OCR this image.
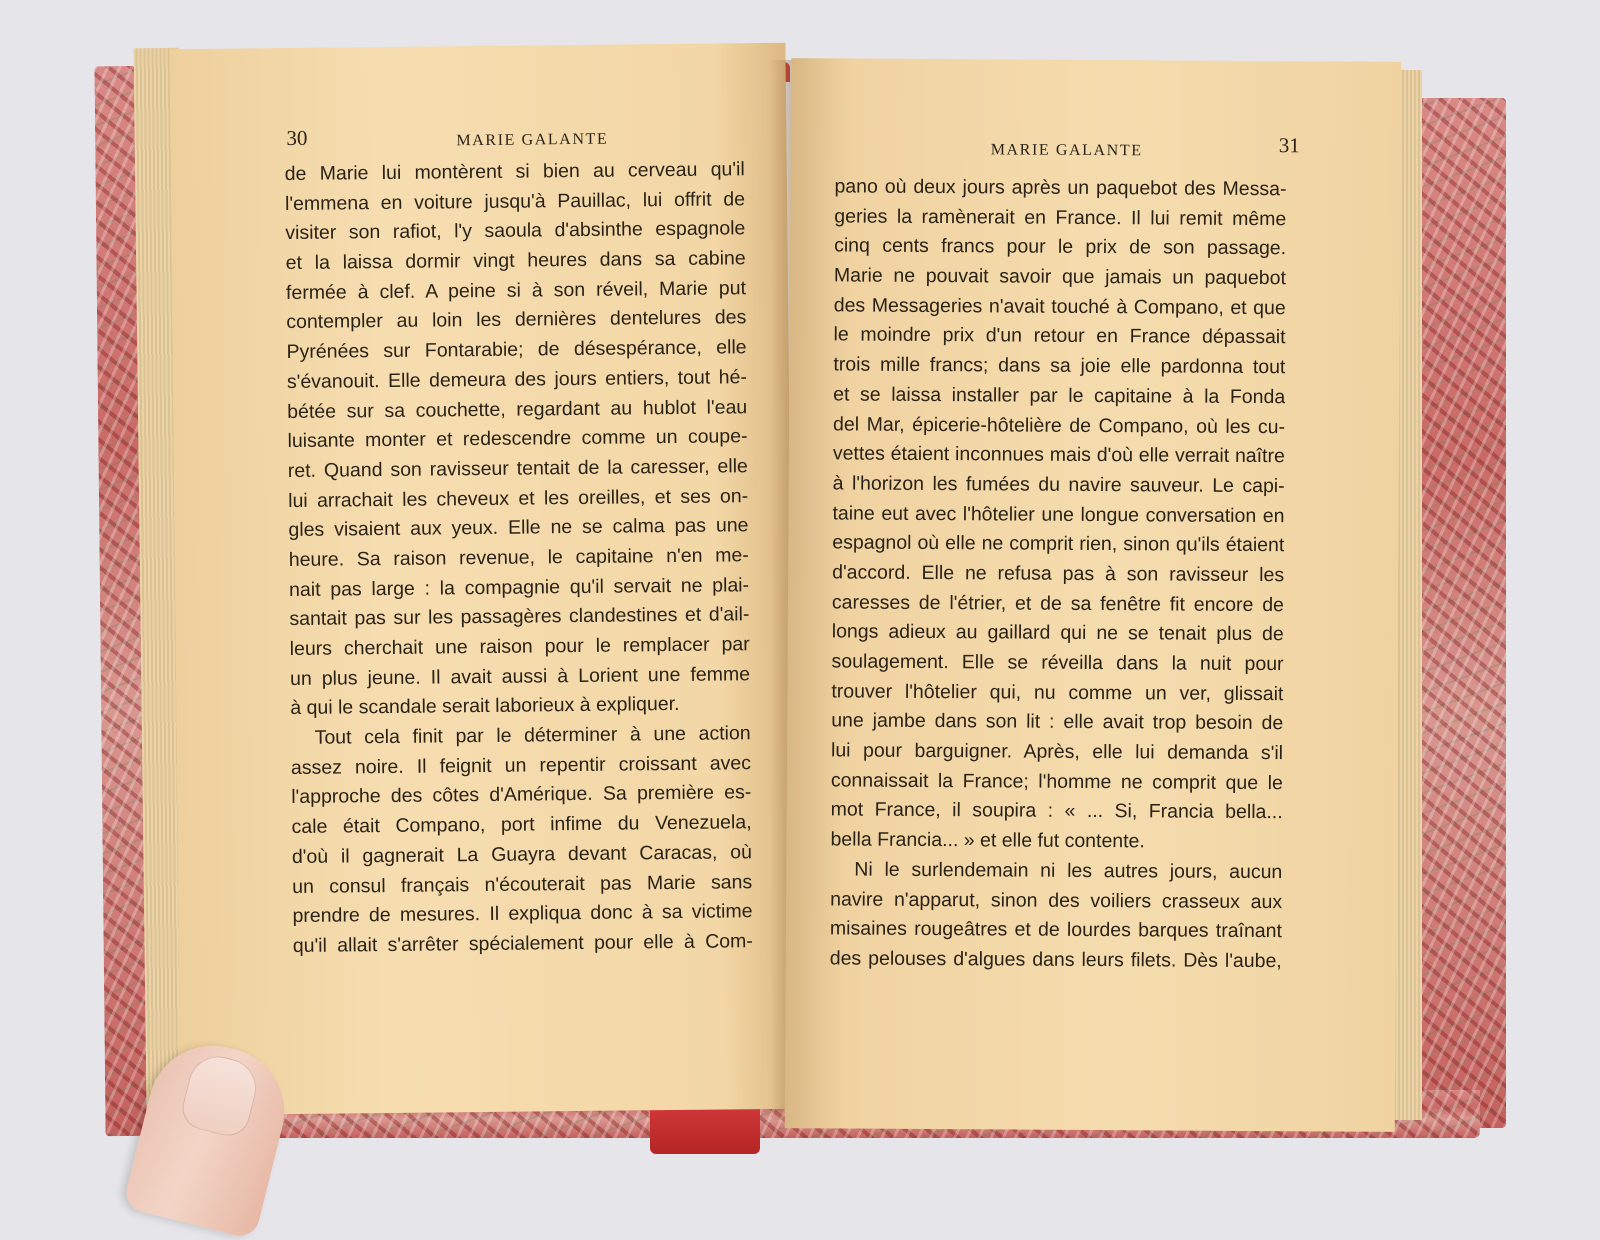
30	MARIE GALANTE
de Marie lui montèrent si bien au cerveau qu'il
l'emmena en voiture jusqu'à Pauillac, lui offrit de
visiter son rafiot, l'y saoula d'absinthe espagnole
et la laissa dormir vingt heures dans sa cabine
fermée à clef. A peine si à son réveil, Marie put
contempler au loin les dernières dentelures des
Pyrénées sur Fontarabie; de désespérance, elle
s'évanouit. Elle demeura des jours entiers, tout hé-
bétée sur sa couchette, regardant au hublot l'eau
luisante monter et redescendre comme un coupe-
ret. Quand son ravisseur tentait de la caresser, elle
lui arrachait les cheveux et les oreilles, et ses on-
gles visaient aux yeux. Elle ne se calma pas une
heure. Sa raison revenue, le capitaine n'en me-
nait pas large : la compagnie qu'il servait ne plai-
santait pas sur les passagères clandestines et d'ail-
leurs cherchait une raison pour le remplacer par
un plus jeune. Il avait aussi à Lorient une femme
à qui le scandale serait laborieux à expliquer.
Tout cela finit par le déterminer à une action
assez noire. Il feignit un repentir croissant avec
l'approche des côtes d'Amérique. Sa première es-
cale était Compano, port infime du Venezuela,
d'où il gagnerait La Guayra devant Caracas, où
un consul français n'écouterait pas Marie sans
prendre de mesures. Il expliqua donc à sa victime
qu'il allait s'arrêter spécialement pour elle à Com-
MARIE GALANTE	31
pano où deux jours après un paquebot des Messa-
geries la ramènerait en France. Il lui remit même
cinq cents francs pour le prix de son passage.
Marie ne pouvait savoir que jamais un paquebot
des Messageries n'avait touché à Compano, et que
le moindre prix d'un retour en France dépassait
trois mille francs; dans sa joie elle pardonna tout
et se laissa installer par le capitaine à la Fonda
del Mar, épicerie-hôtelière de Compano, où les cu-
vettes étaient inconnues mais d'où elle verrait naître
à l'horizon les fumées du navire sauveur. Le capi-
taine eut avec l'hôtelier une longue conversation en
espagnol où elle ne comprit rien, sinon qu'ils étaient
d'accord. Elle ne refusa pas à son ravisseur les
caresses de l'étrier, et de sa fenêtre fit encore de
longs adieux au gaillard qui ne se tenait plus de
soulagement. Elle se réveilla dans la nuit pour
trouver l'hôtelier qui, nu comme un ver, glissait
une jambe dans son lit : elle avait trop besoin de
lui pour barguigner. Après, elle lui demanda s'il
connaissait la France; l'homme ne comprit que le
mot France, il soupira : « ... Si, Francia bella...
bella Francia... » et elle fut contente.
Ni le surlendemain ni les autres jours, aucun
navire n'apparut, sinon des voiliers crasseux aux
misaines rougeâtres et de lourdes barques traînant
des pelouses d'algues dans leurs filets. Dès l'aube,
